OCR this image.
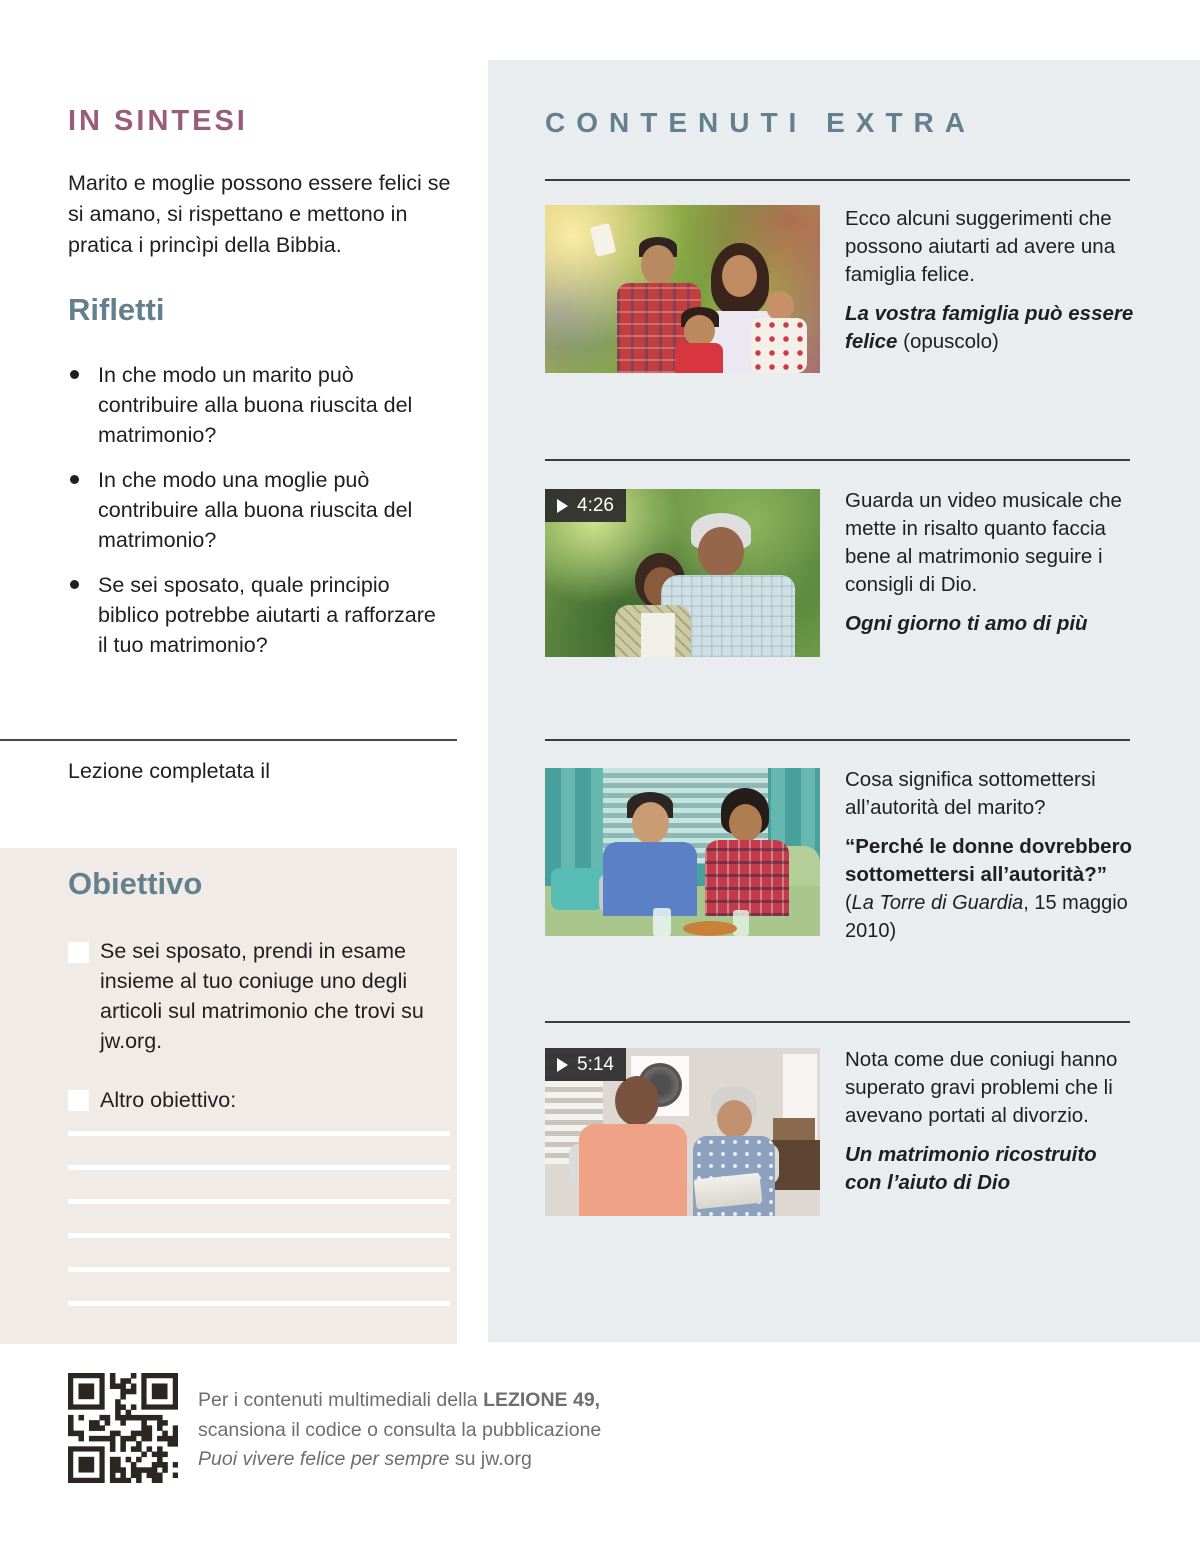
IN SINTESI
Marito e moglie possono essere felici se si amano, si rispettano e mettono in pratica i princìpi della Bibbia.
Rifletti
In che modo un marito può contribuire alla buona riuscita del matrimonio?
In che modo una moglie può contribuire alla buona riuscita del matrimonio?
Se sei sposato, quale principio biblico potrebbe aiutarti a rafforzare il tuo matrimonio?
Lezione completata il
Obiettivo
Se sei sposato, prendi in esame insieme al tuo coniuge uno degli articoli sul matrimonio che trovi su jw.org.
Altro obiettivo:
CONTENUTI EXTRA

Ecco alcuni suggerimenti che possono aiutarti ad avere una famiglia felice.

La vostra famiglia può essere felice (opuscolo)

4:26	Guarda un video musicale che mette in risalto quanto faccia bene al matrimonio seguire i consigli di Dio.

Ogni giorno ti amo di più

Cosa significa sottomettersi all’autorità del marito?

“Perché le donne dovrebbero sottomettersi all’autorità?”

(La Torre di Guardia, 15 maggio 2010)

5:14	Nota come due coniugi hanno superato gravi problemi che li avevano portati al divorzio.

Un matrimonio ricostruito con l’aiuto di Dio

Per i contenuti multimediali della LEZIONE 49,
scansiona il codice o consulta la pubblicazione
Puoi vivere felice per sempre su jw.org
